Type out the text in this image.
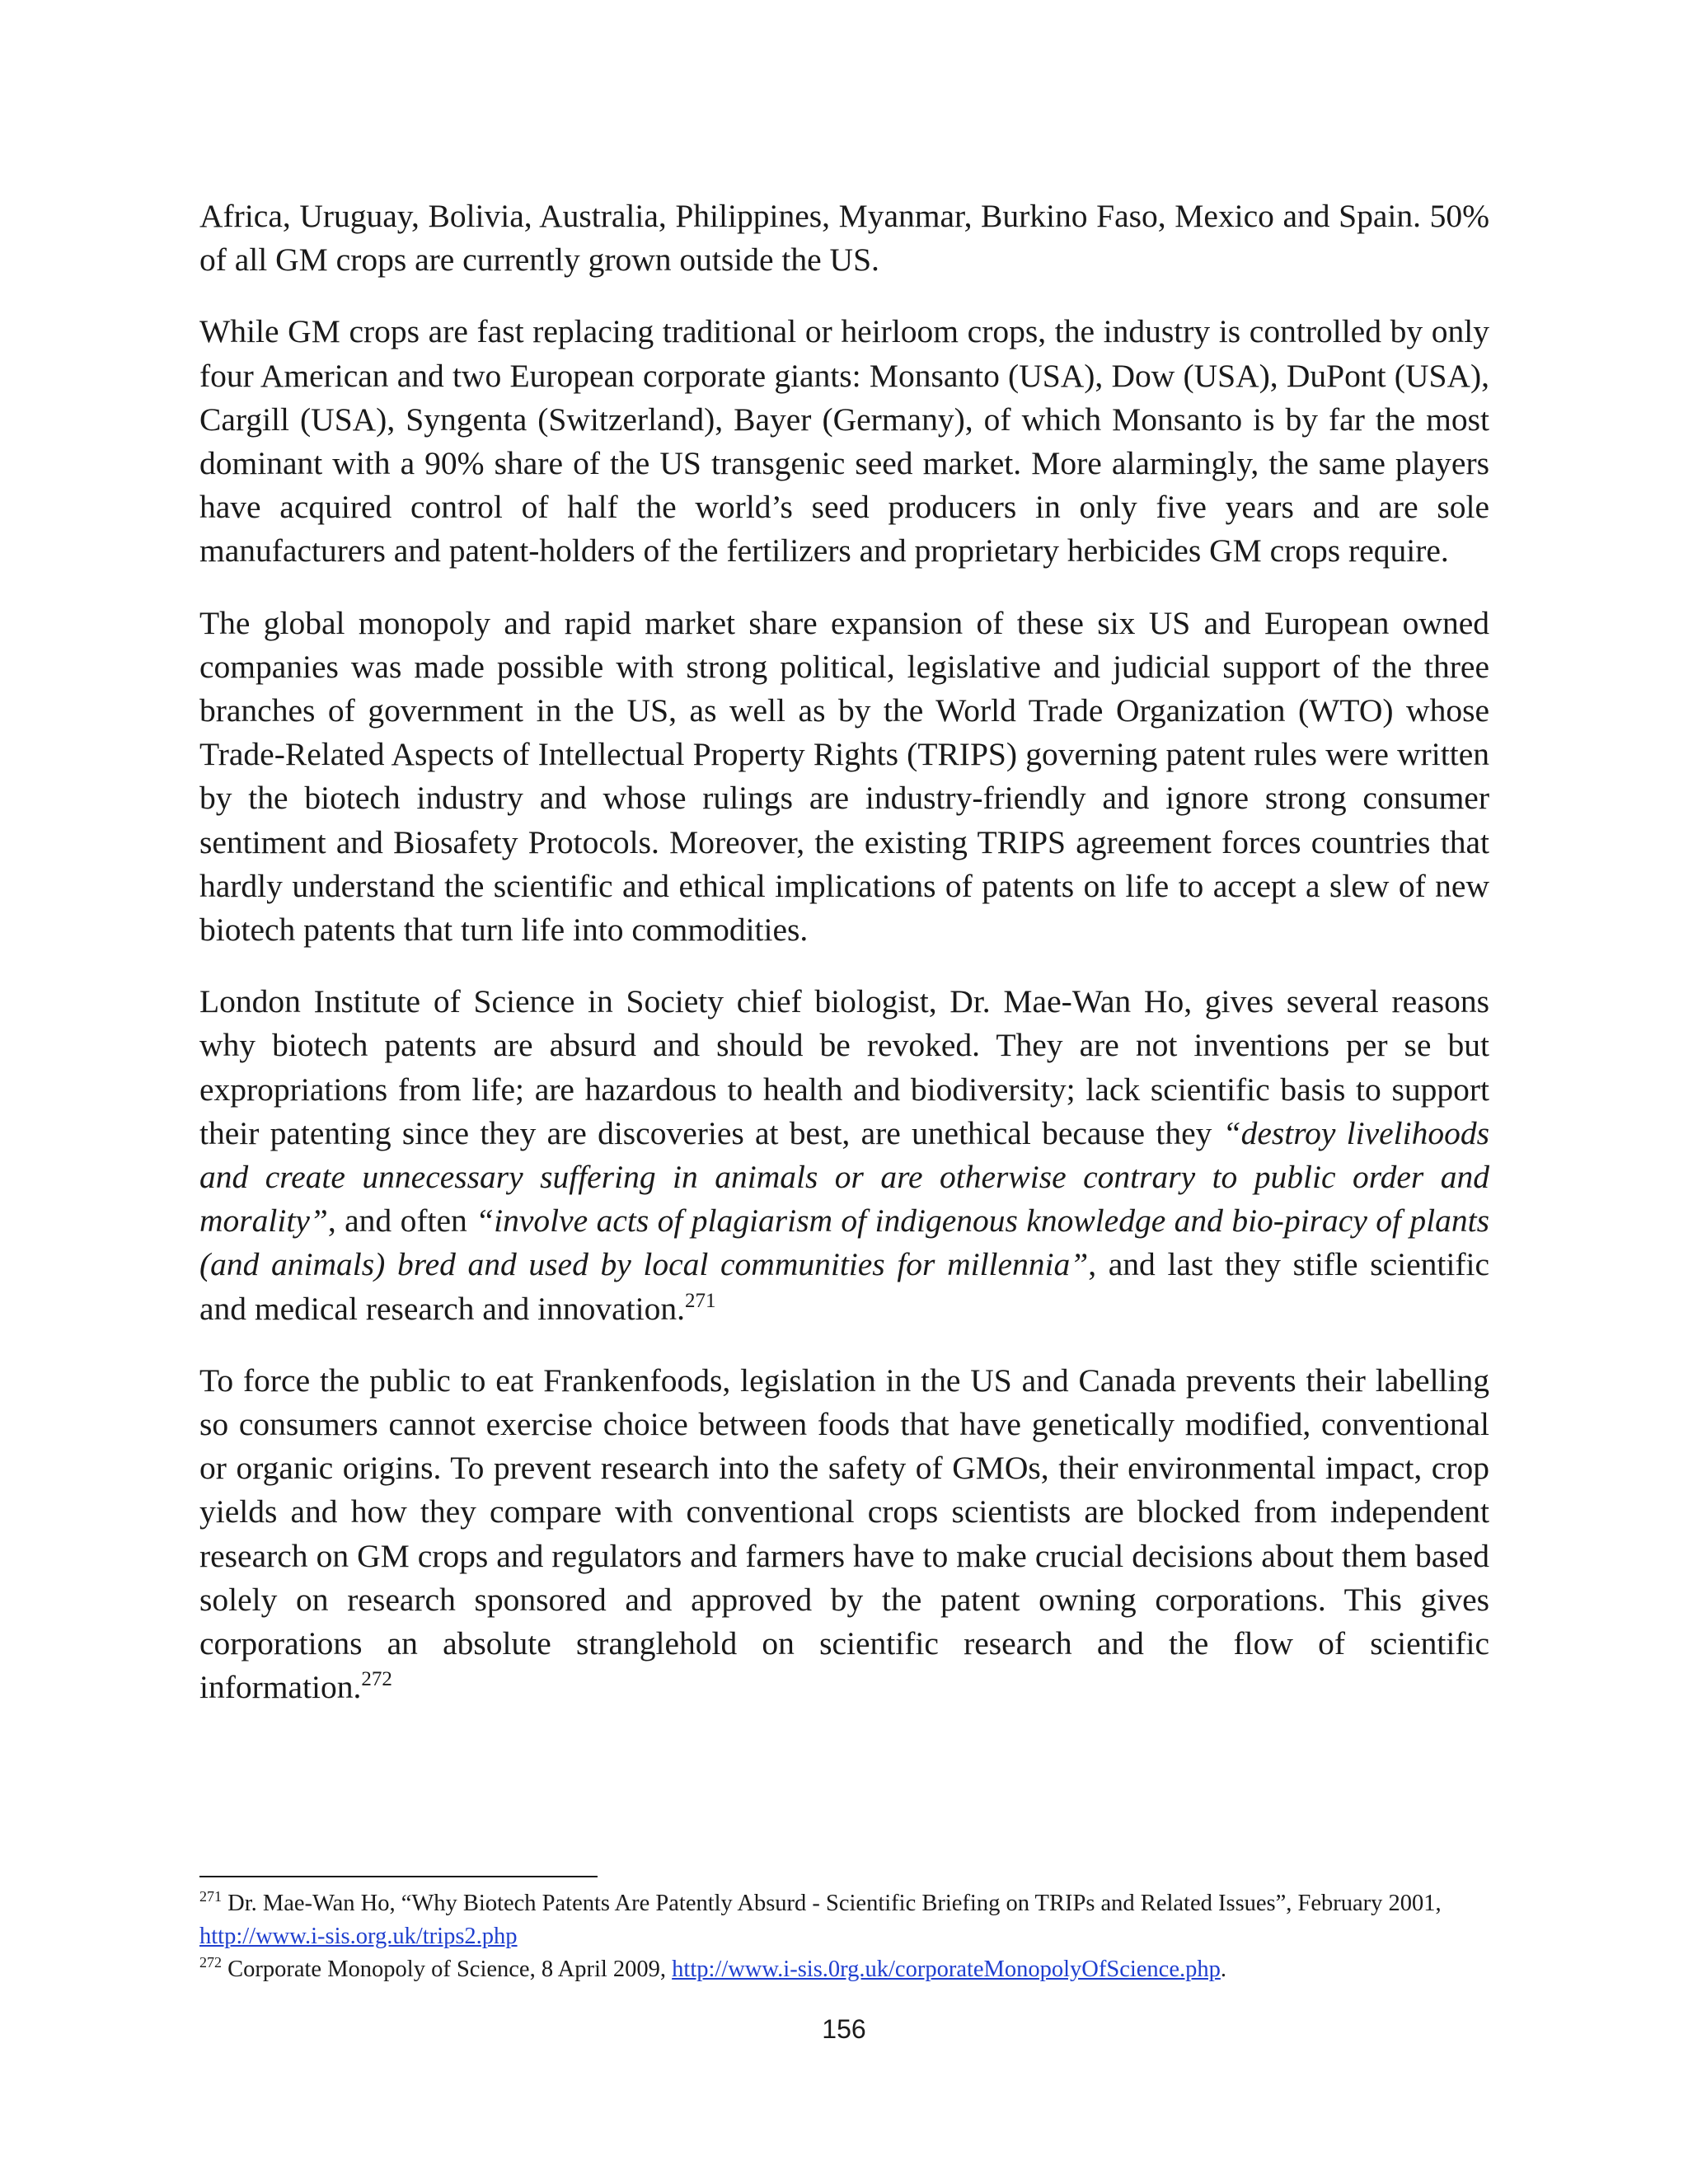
Africa, Uruguay, Bolivia, Australia, Philippines, Myanmar, Burkino Faso, Mexico and Spain. 50% of all GM crops are currently grown outside the US.

While GM crops are fast replacing traditional or heirloom crops, the industry is controlled by only four American and two European corporate giants: Monsanto (USA), Dow (USA), DuPont (USA), Cargill (USA), Syngenta (Switzerland), Bayer (Germany), of which Monsanto is by far the most dominant with a 90% share of the US transgenic seed market. More alarmingly, the same players have acquired control of half the world’s seed producers in only five years and are sole manufacturers and patent-holders of the fertilizers and proprietary herbicides GM crops require.

The global monopoly and rapid market share expansion of these six US and European owned companies was made possible with strong political, legislative and judicial support of the three branches of government in the US, as well as by the World Trade Organization (WTO) whose Trade-Related Aspects of Intellectual Property Rights (TRIPS) governing patent rules were written by the biotech industry and whose rulings are industry-friendly and ignore strong consumer sentiment and Biosafety Protocols. Moreover, the existing TRIPS agreement forces countries that hardly understand the scientific and ethical implications of patents on life to accept a slew of new biotech patents that turn life into commodities.

London Institute of Science in Society chief biologist, Dr. Mae-Wan Ho, gives several reasons why biotech patents are absurd and should be revoked. They are not inventions per se but expropriations from life; are hazardous to health and biodiversity; lack scientific basis to support their patenting since they are discoveries at best, are unethical because they “destroy livelihoods and create unnecessary suffering in animals or are otherwise contrary to public order and morality”, and often “involve acts of plagiarism of indigenous knowledge and bio-piracy of plants (and animals) bred and used by local communities for millennia”, and last they stifle scientific and medical research and innovation.$^{271}$

To force the public to eat Frankenfoods, legislation in the US and Canada prevents their labelling so consumers cannot exercise choice between foods that have genetically modified, conventional or organic origins. To prevent research into the safety of GMOs, their environmental impact, crop yields and how they compare with conventional crops scientists are blocked from independent research on GM crops and regulators and farmers have to make crucial decisions about them based solely on research sponsored and approved by the patent owning corporations. This gives corporations an absolute stranglehold on scientific research and the flow of scientific information.$^{272}$

$^{271}$ Dr. Mae-Wan Ho, “Why Biotech Patents Are Patently Absurd - Scientific Briefing on TRIPs and Related Issues”, February 2001, http://www.i-sis.org.uk/trips2.php

$^{272}$ Corporate Monopoly of Science, 8 April 2009, http://www.i-sis.0rg.uk/corporateMonopolyOfScience.php.

156
